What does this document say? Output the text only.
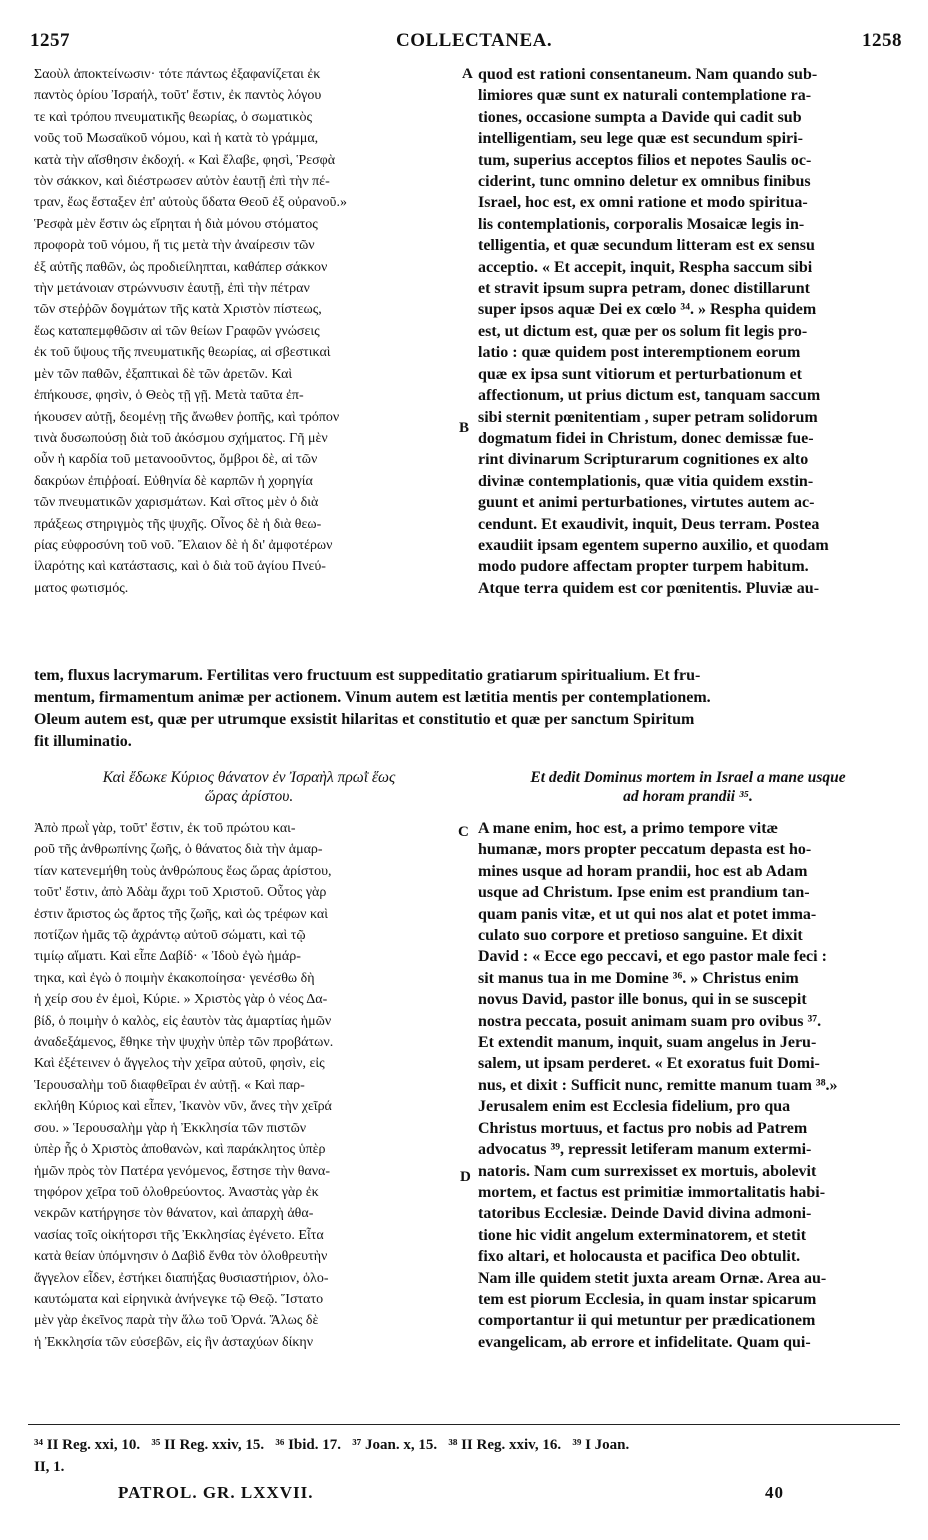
1257	COLLECTANEA.	1258
Σαοὺλ ἀποκτείνωσιν· τότε πάντως ἐξαφανίζεται ἐκ
παντὸς ὁρίου Ἰσραήλ, τοῦτ' ἔστιν, ἐκ παντὸς λόγου
τε καὶ τρόπου πνευματικῆς θεωρίας, ὁ σωματικὸς
νοῦς τοῦ Μωσαϊκοῦ νόμου, καὶ ἡ κατὰ τὸ γράμμα,
κατὰ τὴν αἴσθησιν ἐκδοχή. « Καὶ ἔλαβε, φησὶ, Ῥεσφὰ
τὸν σάκκον, καὶ διέστρωσεν αὐτὸν ἑαυτῇ ἐπὶ τὴν πέ-
τραν, ἕως ἔσταξεν ἐπ' αὐτοὺς ὕδατα Θεοῦ ἐξ οὐρανοῦ.»
Ῥεσφὰ μὲν ἔστιν ὡς εἴρηται ἡ διὰ μόνου στόματος
προφορὰ τοῦ νόμου, ἤ τις μετὰ τὴν ἀναίρεσιν τῶν
ἐξ αὐτῆς παθῶν, ὡς προδιείληπται, καθάπερ σάκκον
τὴν μετάνοιαν στρώννυσιν ἑαυτῇ, ἐπὶ τὴν πέτραν
τῶν στεῤῥῶν δογμάτων τῆς κατὰ Χριστὸν πίστεως,
ἕως καταπεμφθῶσιν αἱ τῶν θείων Γραφῶν γνώσεις
ἐκ τοῦ ὕψους τῆς πνευματικῆς θεωρίας, αἱ σβεστικαὶ
μὲν τῶν παθῶν, ἐξαπτικαὶ δὲ τῶν ἀρετῶν. Καὶ
ἐπήκουσε, φησὶν, ὁ Θεὸς τῇ γῇ. Μετὰ ταῦτα ἐπ-
ήκουσεν αὐτῇ, δεομένῃ τῆς ἄνωθεν ῥοπῆς, καὶ τρόπον
τινὰ δυσωπούσῃ διὰ τοῦ ἀκόσμου σχήματος. Γῆ μὲν
οὖν ἡ καρδία τοῦ μετανοοῦντος, ὄμβροι δὲ, αἱ τῶν
δακρύων ἐπιῤῥοαί. Εὐθηνία δὲ καρπῶν ἡ χορηγία
τῶν πνευματικῶν χαρισμάτων. Καὶ σῖτος μὲν ὁ διὰ
πράξεως στηριγμὸς τῆς ψυχῆς. Οἶνος δὲ ἡ διὰ θεω-
ρίας εὐφροσύνη τοῦ νοῦ. Ἔλαιον δὲ ἡ δι' ἀμφοτέρων
ἱλαρότης καὶ κατάστασις, καὶ ὁ διὰ τοῦ ἁγίου Πνεύ-
ματος φωτισμός.
quod est rationi consentaneum. Nam quando sub-
limiores quæ sunt ex naturali contemplatione ra-
tiones, occasione sumpta a Davide qui cadit sub
intelligentiam, seu lege quæ est secundum spiri-
tum, superius acceptos filios et nepotes Saulis oc-
ciderint, tunc omnino deletur ex omnibus finibus
Israel, hoc est, ex omni ratione et modo spiritua-
lis contemplationis, corporalis Mosaicæ legis in-
telligentia, et quæ secundum litteram est ex sensu
acceptio. « Et accepit, inquit, Respha saccum sibi
et stravit ipsum supra petram, donec distillarunt
super ipsos aquæ Dei ex cœlo ³⁴. » Respha quidem
est, ut dictum est, quæ per os solum fit legis pro-
latio : quæ quidem post interemptionem eorum
quæ ex ipsa sunt vitiorum et perturbationum et
affectionum, ut prius dictum est, tanquam saccum
sibi sternit pœnitentiam , super petram solidorum
dogmatum fidei in Christum, donec demissæ fue-
rint divinarum Scripturarum cognitiones ex alto
divinæ contemplationis, quæ vitia quidem exstin-
guunt et animi perturbationes, virtutes autem ac-
cendunt. Et exaudivit, inquit, Deus terram. Postea
exaudiit ipsam egentem superno auxilio, et quodam
modo pudore affectam propter turpem habitum.
Atque terra quidem est cor pœnitentis. Pluviæ au-
A
B
tem, fluxus lacrymarum. Fertilitas vero fructuum est suppeditatio gratiarum spiritualium. Et fru-
mentum, firmamentum animæ per actionem. Vinum autem est lætitia mentis per contemplationem.
Oleum autem est, quæ per utrumque exsistit hilaritas et constitutio et quæ per sanctum Spiritum
fit illuminatio.
Καὶ ἔδωκε Κύριος θάνατον ἐν Ἰσραὴλ πρωῒ ἕως
ὥρας ἀρίστου.
Et dedit Dominus mortem in Israel a mane usque
ad horam prandii ³⁵.
Ἀπὸ πρωῒ γὰρ, τοῦτ' ἔστιν, ἐκ τοῦ πρώτου και-
ροῦ τῆς ἀνθρωπίνης ζωῆς, ὁ θάνατος διὰ τὴν ἁμαρ-
τίαν κατενεμήθη τοὺς ἀνθρώπους ἕως ὥρας ἀρίστου,
τοῦτ' ἔστιν, ἀπὸ Ἀδὰμ ἄχρι τοῦ Χριστοῦ. Οὗτος γὰρ
ἐστιν ἄριστος ὡς ἄρτος τῆς ζωῆς, καὶ ὡς τρέφων καὶ
ποτίζων ἡμᾶς τῷ ἀχράντῳ αὐτοῦ σώματι, καὶ τῷ
τιμίῳ αἵματι. Καὶ εἶπε Δαβίδ· « Ἰδοὺ ἐγὼ ἡμάρ-
τηκα, καὶ ἐγὼ ὁ ποιμὴν ἐκακοποίησα· γενέσθω δὴ
ἡ χείρ σου ἐν ἐμοὶ, Κύριε. » Χριστὸς γὰρ ὁ νέος Δα-
βίδ, ὁ ποιμὴν ὁ καλὸς, εἰς ἑαυτὸν τὰς ἁμαρτίας ἡμῶν
ἀναδεξάμενος, ἔθηκε τὴν ψυχὴν ὑπὲρ τῶν προβάτων.
Καὶ ἐξέτεινεν ὁ ἄγγελος τὴν χεῖρα αὐτοῦ, φησὶν, εἰς
Ἱερουσαλὴμ τοῦ διαφθεῖραι ἐν αὐτῇ. « Καὶ παρ-
εκλήθη Κύριος καὶ εἶπεν, Ἱκανὸν νῦν, ἄνες τὴν χεῖρά
σου. » Ἱερουσαλὴμ γὰρ ἡ Ἐκκλησία τῶν πιστῶν
ὑπὲρ ἧς ὁ Χριστὸς ἀποθανὼν, καὶ παράκλητος ὑπὲρ
ἡμῶν πρὸς τὸν Πατέρα γενόμενος, ἔστησε τὴν θανα-
τηφόρον χεῖρα τοῦ ὀλοθρεύοντος. Ἀναστὰς γὰρ ἐκ
νεκρῶν κατήργησε τὸν θάνατον, καὶ ἀπαρχὴ ἀθα-
νασίας τοῖς οἰκήτορσι τῆς Ἐκκλησίας ἐγένετο. Εἶτα
κατὰ θείαν ὑπόμνησιν ὁ Δαβὶδ ἔνθα τὸν ὀλοθρευτὴν
ἄγγελον εἶδεν, ἐστήκει διαπήξας θυσιαστήριον, ὁλο-
καυτώματα καὶ εἰρηνικὰ ἀνήνεγκε τῷ Θεῷ. Ἵστατο
μὲν γὰρ ἐκεῖνος παρὰ τὴν ἅλω τοῦ Ὀρνά. Ἅλως δὲ
ἡ Ἐκκλησία τῶν εὐσεβῶν, εἰς ἣν ἀσταχύων δίκην
A mane enim, hoc est, a primo tempore vitæ
humanæ, mors propter peccatum depasta est ho-
mines usque ad horam prandii, hoc est ab Adam
usque ad Christum. Ipse enim est prandium tan-
quam panis vitæ, et ut qui nos alat et potet imma-
culato suo corpore et pretioso sanguine. Et dixit
David : « Ecce ego peccavi, et ego pastor male feci :
sit manus tua in me Domine ³⁶. » Christus enim
novus David, pastor ille bonus, qui in se suscepit
nostra peccata, posuit animam suam pro ovibus ³⁷.
Et extendit manum, inquit, suam angelus in Jeru-
salem, ut ipsam perderet. « Et exoratus fuit Domi-
nus, et dixit : Sufficit nunc, remitte manum tuam ³⁸.»
Jerusalem enim est Ecclesia fidelium, pro qua
Christus mortuus, et factus pro nobis ad Patrem
advocatus ³⁹, repressit letiferam manum extermi-
natoris. Nam cum surrexisset ex mortuis, abolevit
mortem, et factus est primitiæ immortalitatis habi-
tatoribus Ecclesiæ. Deinde David divina admoni-
tione hic vidit angelum exterminatorem, et stetit
fixo altari, et holocausta et pacifica Deo obtulit.
Nam ille quidem stetit juxta aream Ornæ. Area au-
tem est piorum Ecclesia, in quam instar spicarum
comportantur ii qui metuntur per prædicationem
evangelicam, ab errore et infidelitate. Quam qui-
C
D
³⁴ II Reg. xxi, 10.   ³⁵ II Reg. xxiv, 15.   ³⁶ Ibid. 17.   ³⁷ Joan. x, 15.   ³⁸ II Reg. xxiv, 16.   ³⁹ I Joan.
II, 1.
PATROL. GR. LXXVII.	40
